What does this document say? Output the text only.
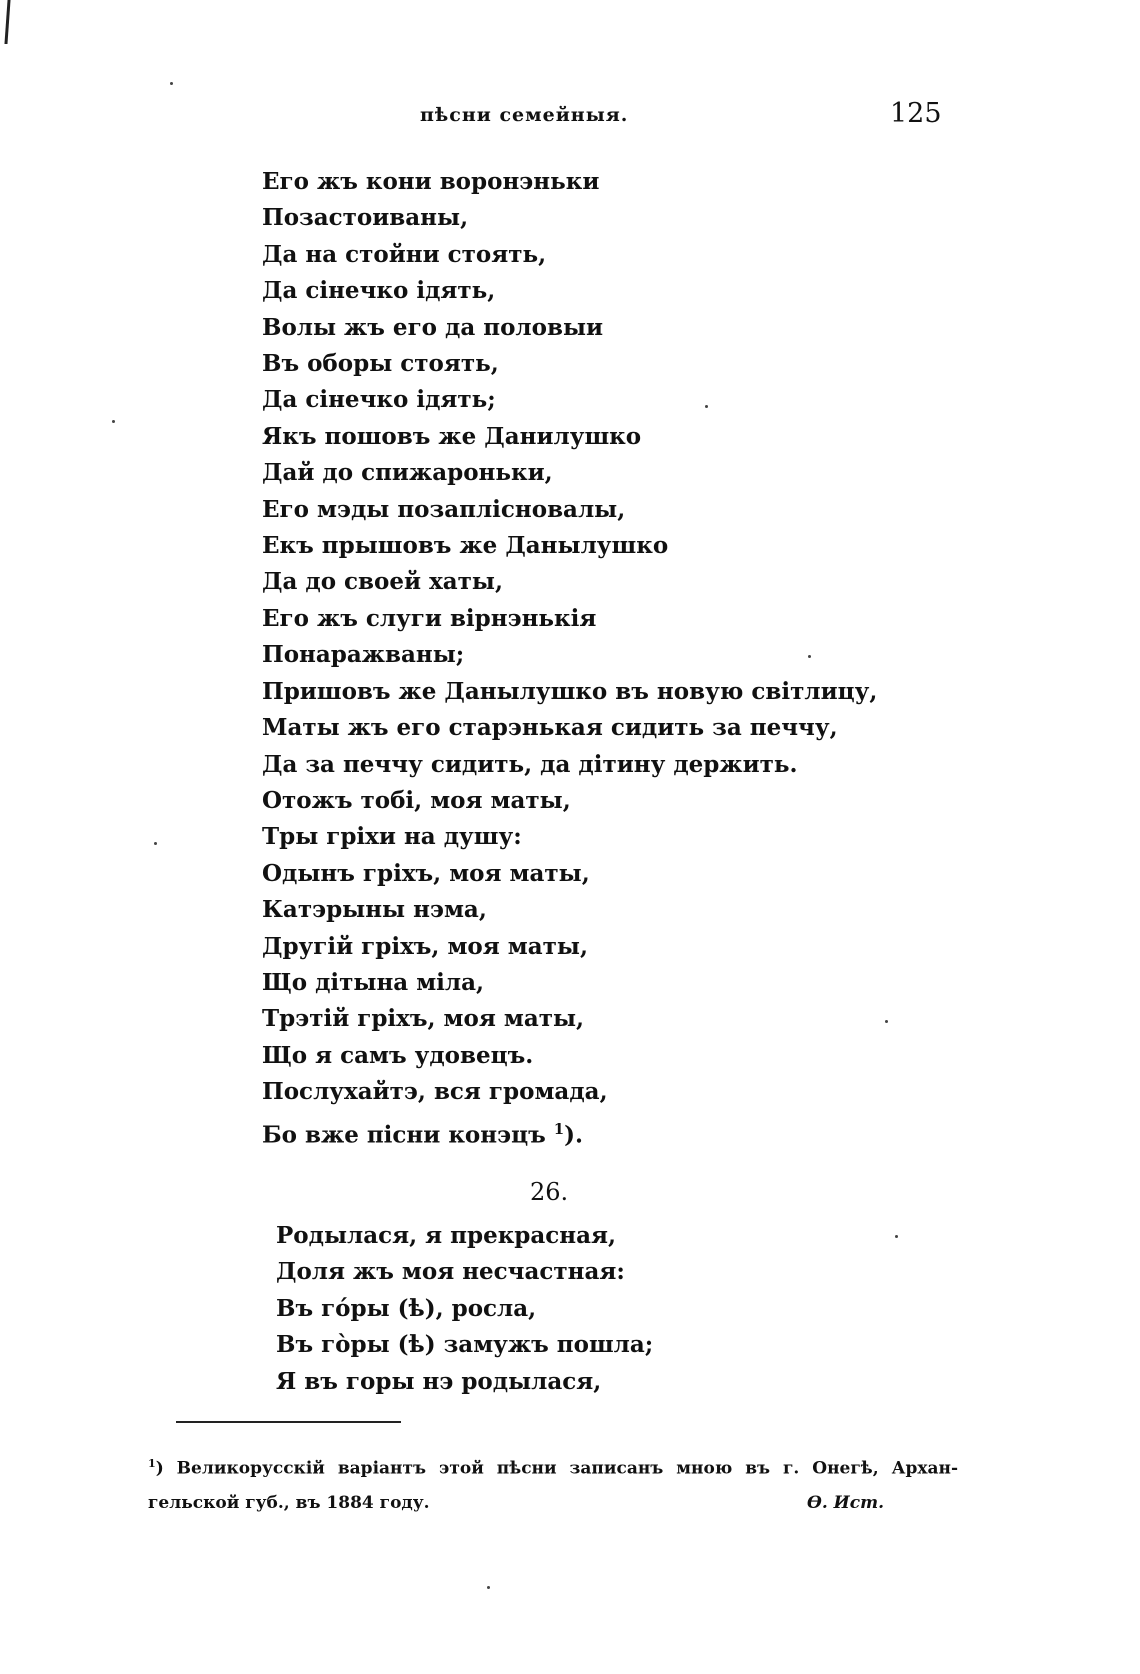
пѣсни семейныя.	125
Его жъ кони воронэньки
Позастоиваны,
Да на стойни стоять,
Да сінечко ідять,
Волы жъ его да половыи
Въ оборы стоять,
Да сінечко ідять;
Якъ пошовъ же Данилушко
Дай до спижароньки,
Его мэды позаплісновалы,
Екъ прышовъ же Данылушко
Да до своей хаты,
Его жъ слуги вірнэнькія
Понаражваны;
Пришовъ же Данылушко въ новую світлицу,
Маты жъ его старэнькая сидить за печчу,
Да за печчу сидить, да дітину держить.
Отожъ тобі, моя маты,
Тры гріхи на душу:
Одынъ гріхъ, моя маты,
Катэрыны нэма,
Другій гріхъ, моя маты,
Що дітына міла,
Трэтій гріхъ, моя маты,
Що я самъ удовецъ.
Послухайтэ, вся громада,
Бо вже пісни конэцъ $^1$).
26.
Родылася, я прекрасная,
Доля жъ моя несчастная:
Въ гóры (ѣ), росла,
Въ гòры (ѣ) замужъ пошла;
Я въ горы нэ родылася,
$^1$) Великорусскій варіантъ этой пѣсни записанъ мною въ г. Онегѣ, Архан-
гельской губ., въ 1884 году.	Ѳ. Ист.
